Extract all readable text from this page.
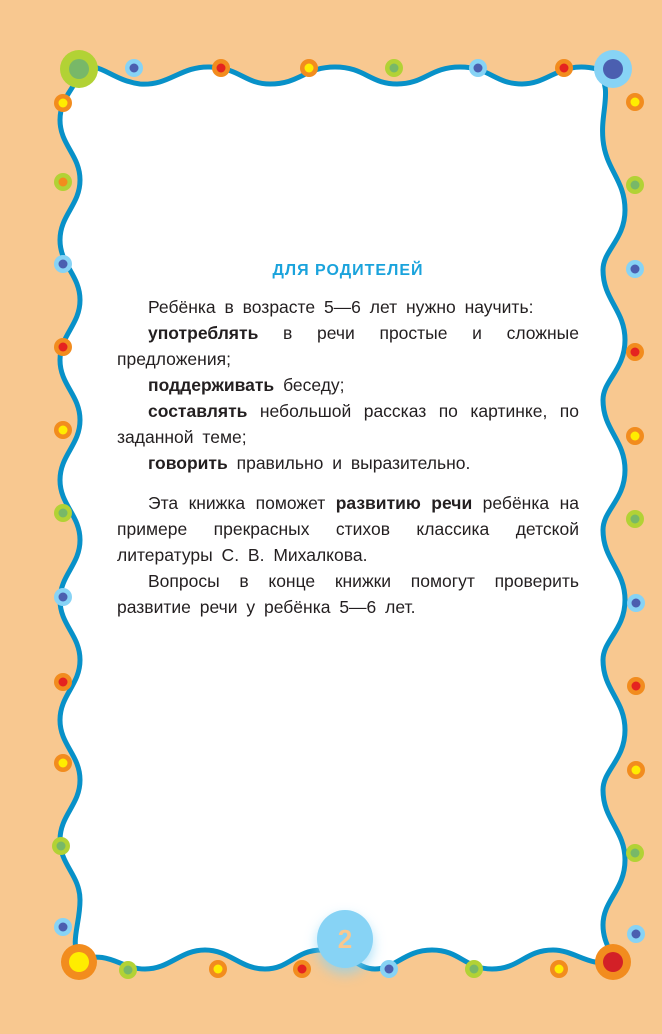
ДЛЯ РОДИТЕЛЕЙ

Ребёнка в возрасте 5—6 лет нужно научить:

употреблять в речи простые и сложные предложения;

поддерживать беседу;

составлять небольшой рассказ по картинке, по заданной теме;

говорить правильно и выразительно.

Эта книжка поможет развитию речи ребёнка на примере прекрасных стихов классика детской литературы С. В. Михалкова.

Вопросы в конце книжки помогут проверить развитие речи у ребёнка 5—6 лет.

2
